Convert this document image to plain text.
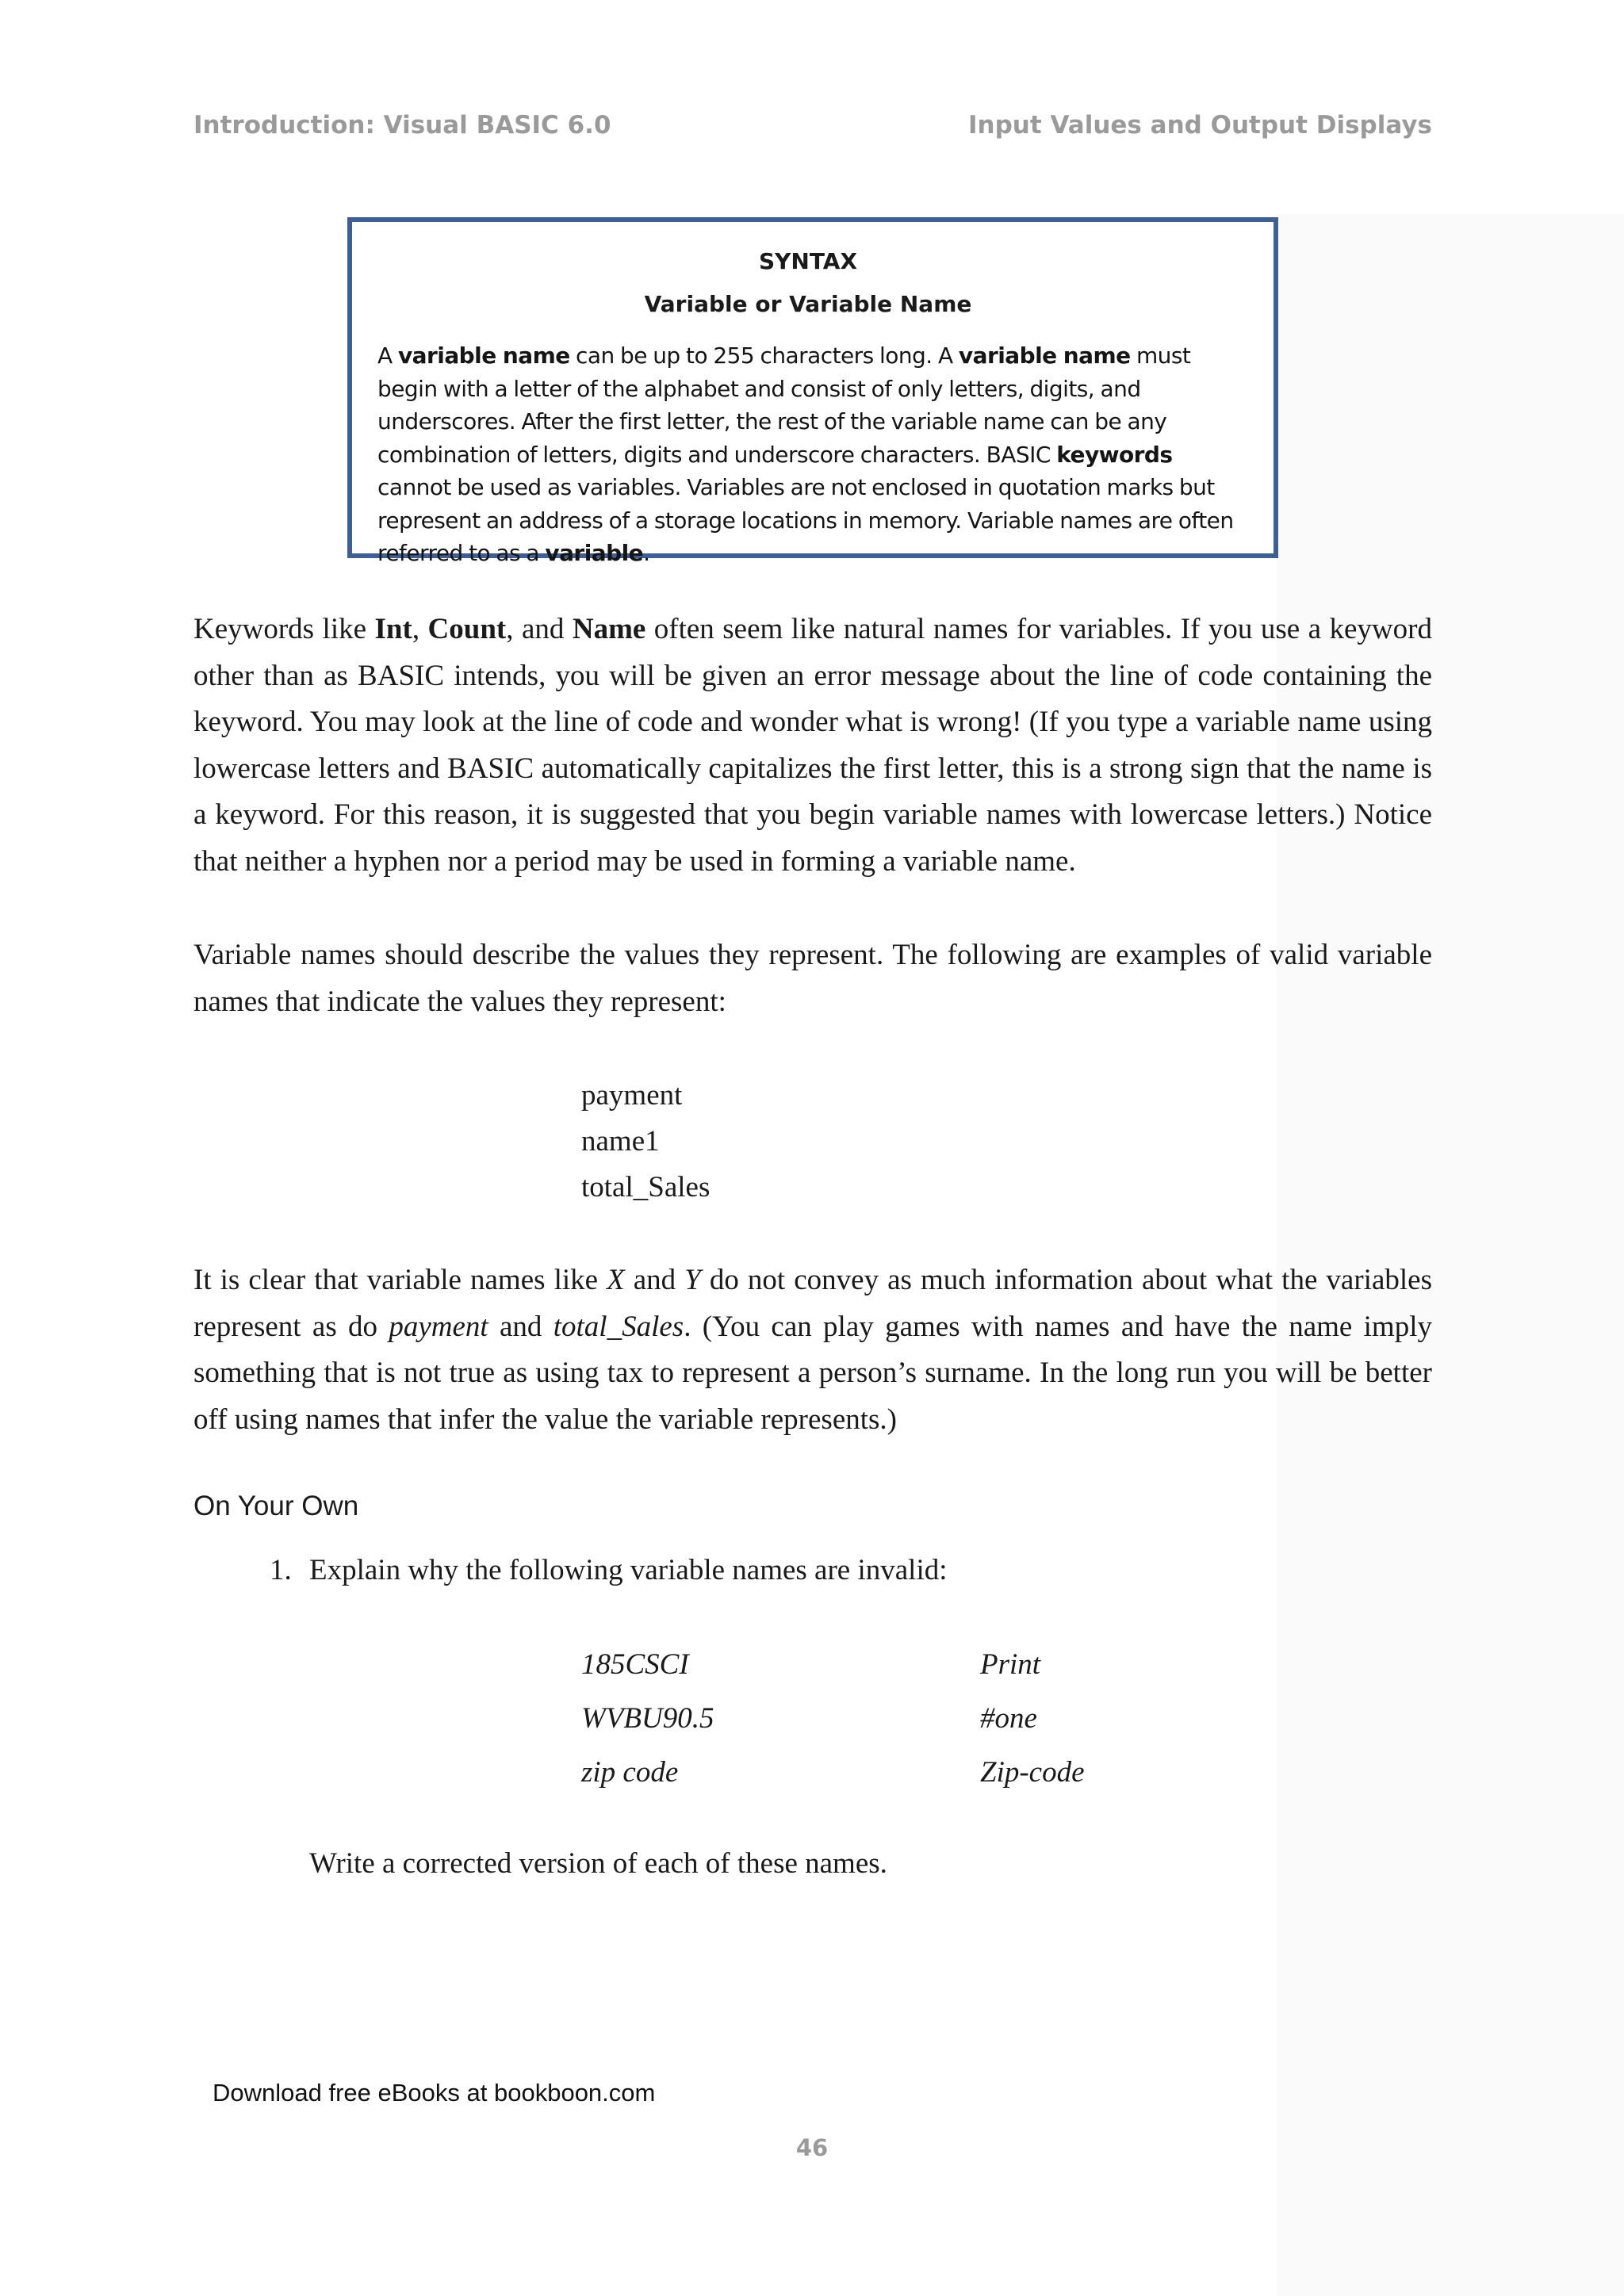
Introduction: Visual BASIC 6.0	Input Values and Output Displays
SYNTAX
Variable or Variable Name
A variable name can be up to 255 characters long. A variable name must begin with a letter of the alphabet and consist of only letters, digits, and underscores. After the first letter, the rest of the variable name can be any combination of letters, digits and underscore characters. BASIC keywords cannot be used as variables. Variables are not enclosed in quotation marks but represent an address of a storage locations in memory. Variable names are often referred to as a variable.
Keywords like Int, Count, and Name often seem like natural names for variables. If you use a keyword other than as BASIC intends, you will be given an error message about the line of code containing the keyword. You may look at the line of code and wonder what is wrong! (If you type a variable name using lowercase letters and BASIC automatically capitalizes the first letter, this is a strong sign that the name is a keyword. For this reason, it is suggested that you begin variable names with lowercase letters.) Notice that neither a hyphen nor a period may be used in forming a variable name.
Variable names should describe the values they represent. The following are examples of valid variable names that indicate the values they represent:
payment
name1
total_Sales
It is clear that variable names like X and Y do not convey as much information about what the variables represent as do payment and total_Sales. (You can play games with names and have the name imply something that is not true as using tax to represent a person’s surname. In the long run you will be better off using names that infer the value the variable represents.)
On Your Own
1. Explain why the following variable names are invalid:
185CSCI	Print
WVBU90.5	#one
zip code	Zip-code
Write a corrected version of each of these names.
Download free eBooks at bookboon.com
46
